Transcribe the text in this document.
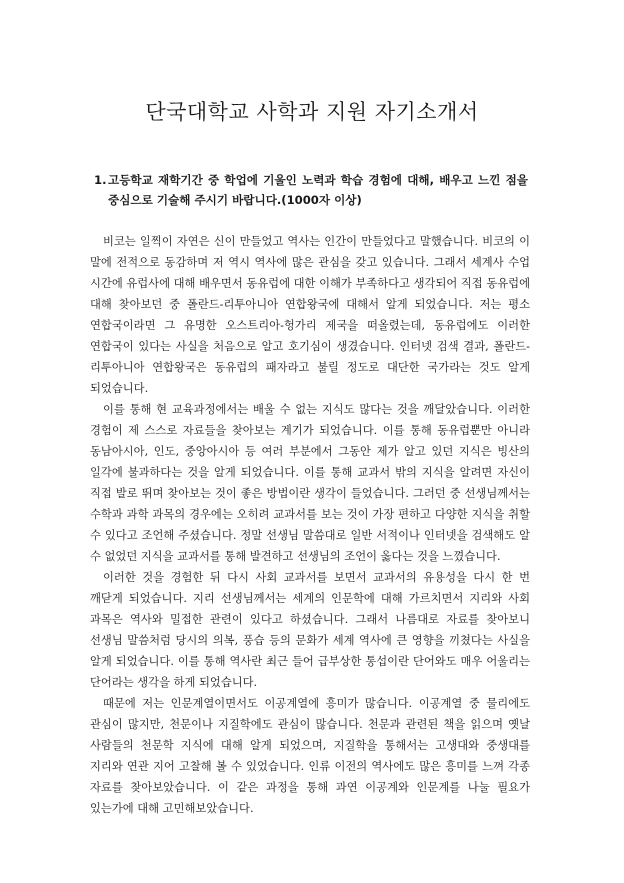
단국대학교 사학과 지원 자기소개서

1. 고등학교 재학기간 중 학업에 기울인 노력과 학습 경험에 대해, 배우고 느낀 점을 중심으로 기술해 주시기 바랍니다.(1000자 이상)

비코는 일찍이 자연은 신이 만들었고 역사는 인간이 만들었다고 말했습니다. 비코의 이 말에 전적으로 동감하며 저 역시 역사에 많은 관심을 갖고 있습니다. 그래서 세계사 수업 시간에 유럽사에 대해 배우면서 동유럽에 대한 이해가 부족하다고 생각되어 직접 동유럽에 대해 찾아보던 중 폴란드-리투아니아 연합왕국에 대해서 알게 되었습니다. 저는 평소 연합국이라면 그 유명한 오스트리아-헝가리 제국을 떠올렸는데, 동유럽에도 이러한 연합국이 있다는 사실을 처음으로 알고 호기심이 생겼습니다. 인터넷 검색 결과, 폴란드-리투아니아 연합왕국은 동유럽의 패자라고 불릴 정도로 대단한 국가라는 것도 알게 되었습니다.

이를 통해 현 교육과정에서는 배울 수 없는 지식도 많다는 것을 깨달았습니다. 이러한 경험이 제 스스로 자료들을 찾아보는 계기가 되었습니다. 이를 통해 동유럽뿐만 아니라 동남아시아, 인도, 중앙아시아 등 여러 부분에서 그동안 제가 알고 있던 지식은 빙산의 일각에 불과하다는 것을 알게 되었습니다. 이를 통해 교과서 밖의 지식을 알려면 자신이 직접 발로 뛰며 찾아보는 것이 좋은 방법이란 생각이 들었습니다. 그러던 중 선생님께서는 수학과 과학 과목의 경우에는 오히려 교과서를 보는 것이 가장 편하고 다양한 지식을 취할 수 있다고 조언해 주셨습니다. 정말 선생님 말씀대로 일반 서적이나 인터넷을 검색해도 알 수 없었던 지식을 교과서를 통해 발견하고 선생님의 조언이 옳다는 것을 느꼈습니다.

이러한 것을 경험한 뒤 다시 사회 교과서를 보면서 교과서의 유용성을 다시 한 번 깨닫게 되었습니다. 지리 선생님께서는 세계의 인문학에 대해 가르치면서 지리와 사회 과목은 역사와 밀접한 관련이 있다고 하셨습니다. 그래서 나름대로 자료를 찾아보니 선생님 말씀처럼 당시의 의복, 풍습 등의 문화가 세계 역사에 큰 영향을 끼쳤다는 사실을 알게 되었습니다. 이를 통해 역사란 최근 들어 급부상한 통섭이란 단어와도 매우 어울리는 단어라는 생각을 하게 되었습니다.

때문에 저는 인문계열이면서도 이공계열에 흥미가 많습니다. 이공계열 중 물리에도 관심이 많지만, 천문이나 지질학에도 관심이 많습니다. 천문과 관련된 책을 읽으며 옛날 사람들의 천문학 지식에 대해 알게 되었으며, 지질학을 통해서는 고생대와 중생대를 지리와 연관 지어 고찰해 볼 수 있었습니다. 인류 이전의 역사에도 많은 흥미를 느껴 각종 자료를 찾아보았습니다. 이 같은 과정을 통해 과연 이공계와 인문계를 나눌 필요가 있는가에 대해 고민해보았습니다.
